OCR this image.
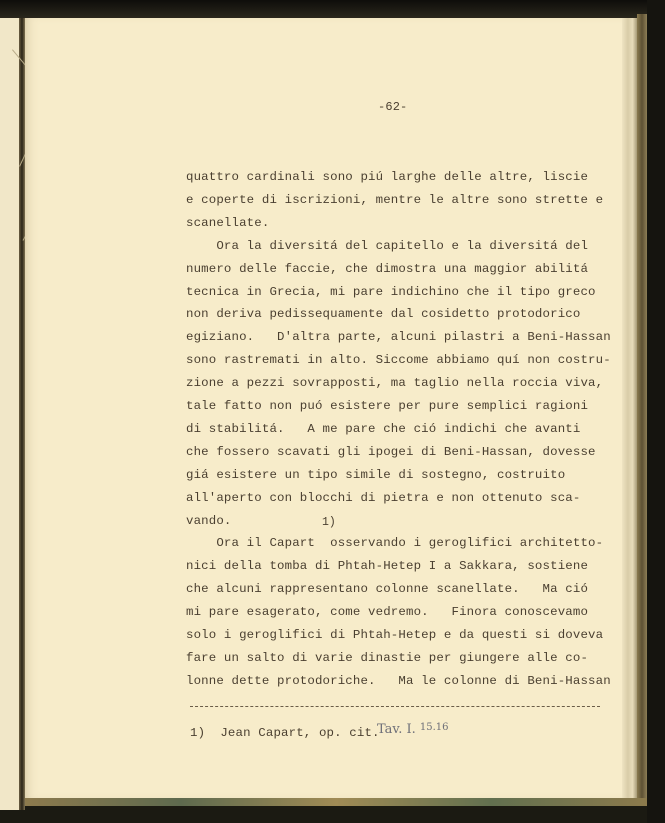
-62-
quattro cardinali sono piú larghe delle altre, liscie
e coperte di iscrizioni, mentre le altre sono strette e
scanellate.
Ora la diversitá del capitello e la diversitá del
numero delle faccie, che dimostra una maggior abilitá
tecnica in Grecia, mi pare indichino che il tipo greco
non deriva pedissequamente dal cosidetto protodorico
egiziano.   D'altra parte, alcuni pilastri a Beni-Hassan
sono rastremati in alto. Siccome abbiamo quí non costru-
zione a pezzi sovrapposti, ma taglio nella roccia viva,
tale fatto non puó esistere per pure semplici ragioni
di stabilitá.   A me pare che ció indichi che avanti
che fossero scavati gli ipogei di Beni-Hassan, dovesse
giá esistere un tipo simile di sostegno, costruito
all'aperto con blocchi di pietra e non ottenuto sca-
vando.
Ora il Capart  osservando i geroglifici architetto-
nici della tomba di Phtah-Hetep I a Sakkara, sostiene
che alcuni rappresentano colonne scanellate.   Ma ció
mi pare esagerato, come vedremo.   Finora conoscevamo
solo i geroglifici di Phtah-Hetep e da questi si doveva
fare un salto di varie dinastie per giungere alle co-
lonne dette protodoriche.   Ma le colonne di Beni-Hassan
1)
1)  Jean Capart, op. cit.
Tav. I. $^{15.16}$
